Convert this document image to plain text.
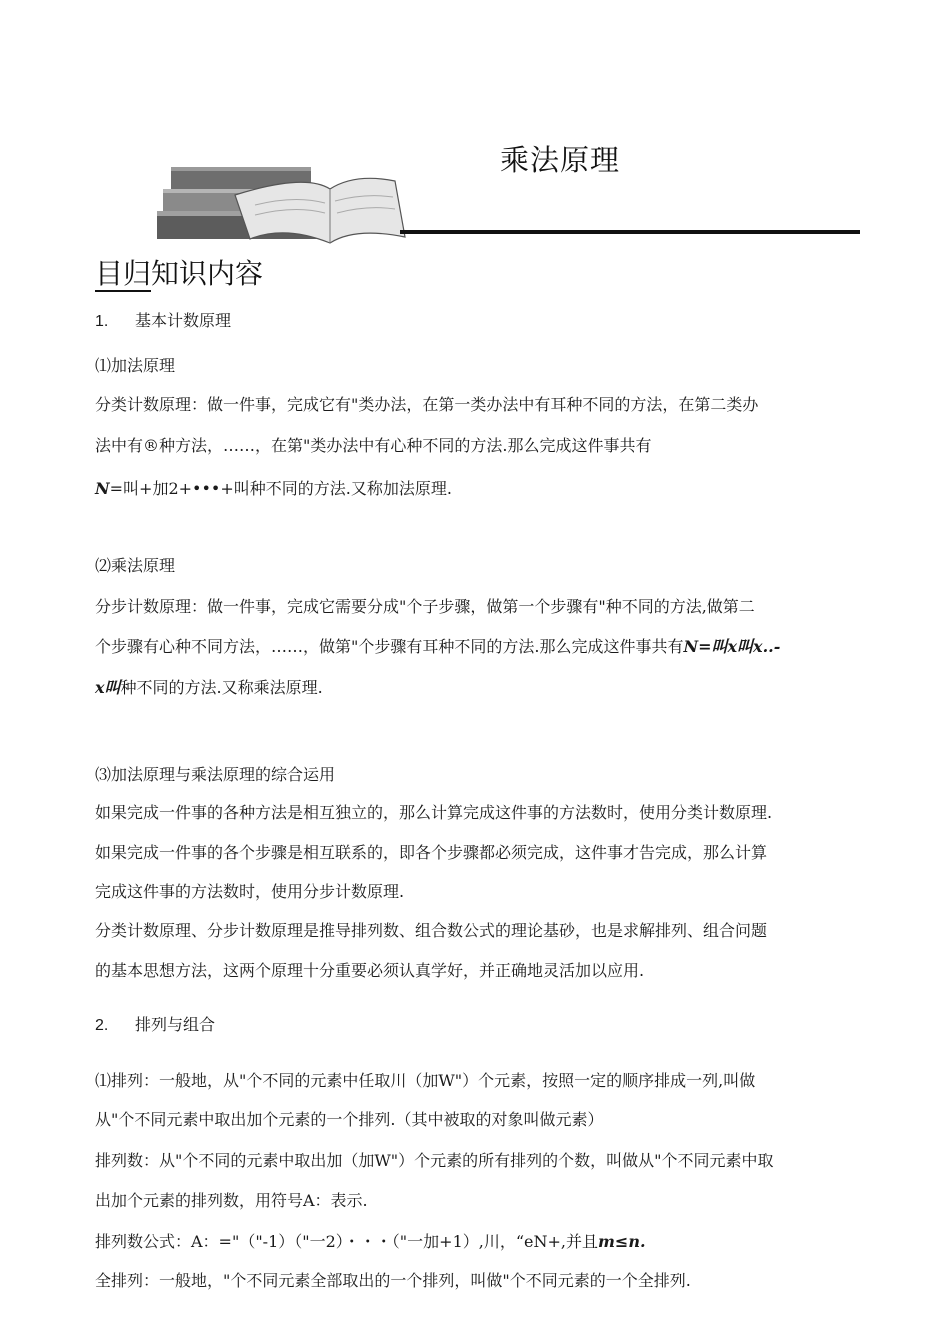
乘法原理
目归知识内容
1. 基本计数原理
⑴加法原理
分类计数原理：做一件事，完成它有"类办法，在第一类办法中有耳种不同的方法，在第二类办
法中有®种方法，……，在第"类办法中有心种不同的方法.那么完成这件事共有
N=叫+加2+•••+叫种不同的方法.又称加法原理.
⑵乘法原理
分步计数原理：做一件事，完成它需要分成"个子步骤，做第一个步骤有"种不同的方法,做第二
个步骤有心种不同方法，……，做第"个步骤有耳种不同的方法.那么完成这件事共有N=叫x叫x..-
x叫种不同的方法.又称乘法原理.
⑶加法原理与乘法原理的综合运用
如果完成一件事的各种方法是相互独立的，那么计算完成这件事的方法数时，使用分类计数原理.
如果完成一件事的各个步骤是相互联系的，即各个步骤都必须完成，这件事才告完成，那么计算
完成这件事的方法数时，使用分步计数原理.
分类计数原理、分步计数原理是推导排列数、组合数公式的理论基砂，也是求解排列、组合问题
的基本思想方法，这两个原理十分重要必须认真学好，并正确地灵活加以应用.
2. 排列与组合
⑴排列：一般地，从"个不同的元素中任取川（加W"）个元素，按照一定的顺序排成一列,叫做
从"个不同元素中取出加个元素的一个排列.（其中被取的对象叫做元素）
排列数：从"个不同的元素中取出加（加W"）个元素的所有排列的个数，叫做从"个不同元素中取
出加个元素的排列数，用符号A：表示.
排列数公式：A：="（"-1）（"一2）・・・（"一加+1）,川，“eN+,并且m≤n.
全排列：一般地，"个不同元素全部取出的一个排列，叫做"个不同元素的一个全排列.
